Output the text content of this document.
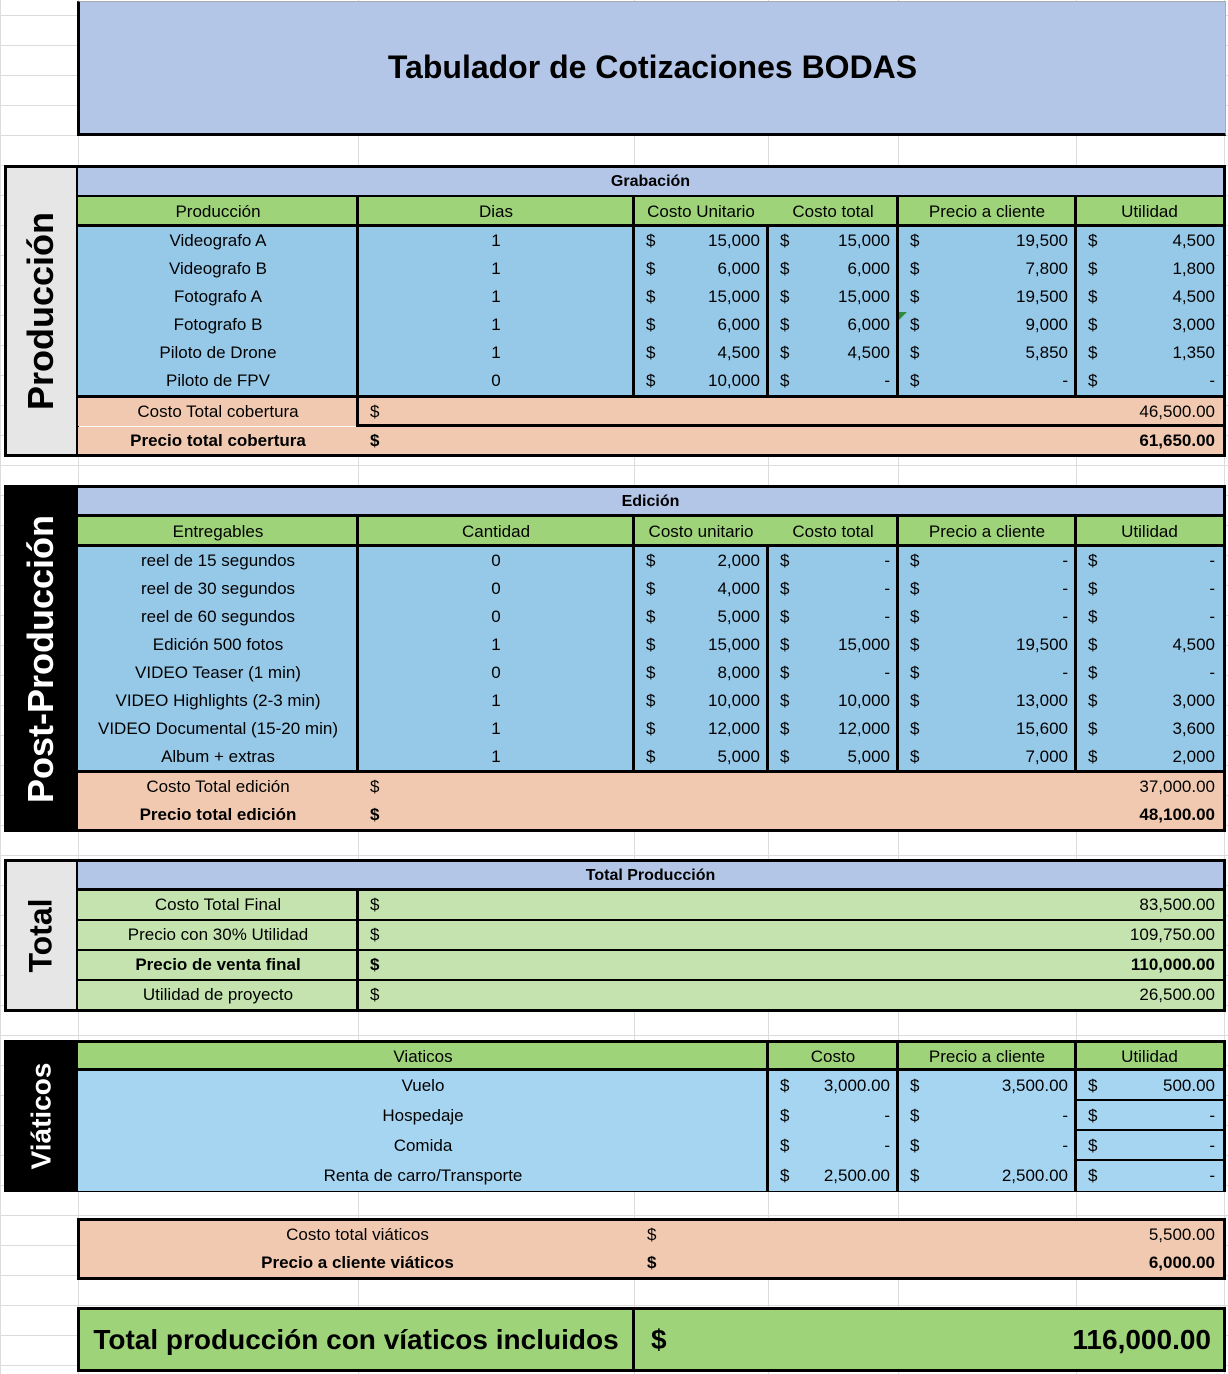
Tabulador de Cotizaciones BODAS
Producción
Grabación
Producción	Dias	Costo Unitario	Costo total	Precio a cliente	Utilidad
Videografo A	1	$	15,000	$	15,000	$	19,500	$	4,500
Videografo B	1	$	6,000	$	6,000	$	7,800	$	1,800
Fotografo A	1	$	15,000	$	15,000	$	19,500	$	4,500
Fotografo B	1	$	6,000	$	6,000	$	9,000	$	3,000
Piloto de Drone	1	$	4,500	$	4,500	$	5,850	$	1,350
Piloto de FPV	0	$	10,000	$	-	$	-	$	-
Costo Total cobertura	$	46,500.00
Precio total cobertura	$	61,650.00
Post-Producción
Edición
Entregables	Cantidad	Costo unitario	Costo total	Precio a cliente	Utilidad
reel de 15 segundos	0	$	2,000	$	-	$	-	$	-
reel de 30 segundos	0	$	4,000	$	-	$	-	$	-
reel de 60 segundos	0	$	5,000	$	-	$	-	$	-
Edición 500 fotos	1	$	15,000	$	15,000	$	19,500	$	4,500
VIDEO Teaser (1 min)	0	$	8,000	$	-	$	-	$	-
VIDEO Highlights (2-3 min)	1	$	10,000	$	10,000	$	13,000	$	3,000
VIDEO Documental (15-20 min)	1	$	12,000	$	12,000	$	15,600	$	3,600
Album + extras	1	$	5,000	$	5,000	$	7,000	$	2,000
Costo Total edición	$	37,000.00
Precio total edición	$	48,100.00
Total
Total Producción
Costo Total Final	$	83,500.00
Precio con 30% Utilidad	$	109,750.00
Precio de venta final	$	110,000.00
Utilidad de proyecto	$	26,500.00
Viáticos
Viaticos	Costo	Precio a cliente	Utilidad
Vuelo	$	3,000.00	$	3,500.00	$	500.00
Hospedaje	$	-	$	-	$	-
Comida	$	-	$	-	$	-
Renta de carro/Transporte	$	2,500.00	$	2,500.00	$	-
Costo total viáticos	$	5,500.00
Precio a cliente viáticos	$	6,000.00
Total producción con víaticos incluidos	$	116,000.00
